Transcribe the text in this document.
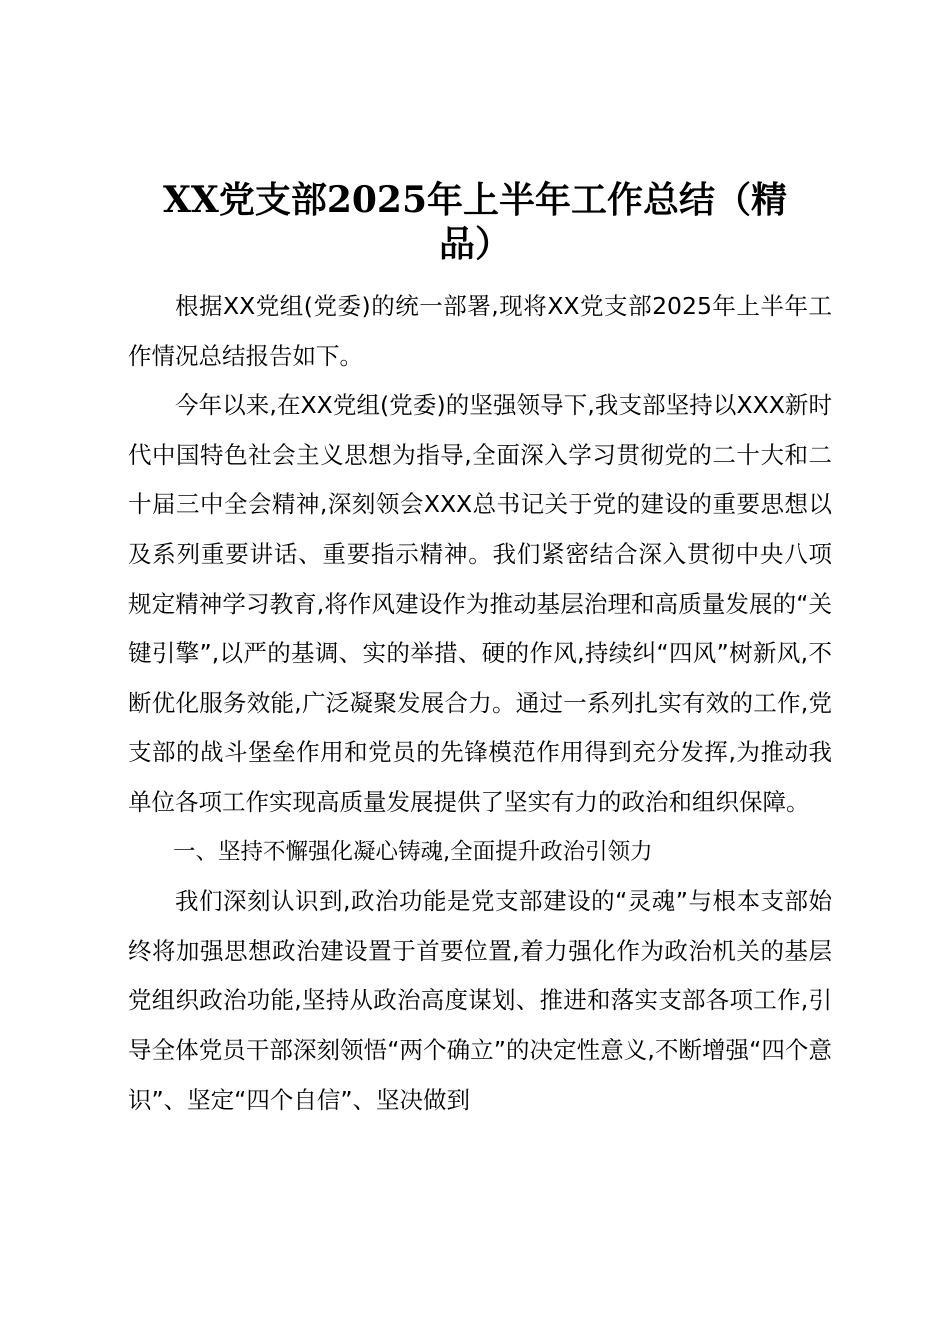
XX党支部2025年上半年工作总结（精
品）

根据XX党组(党委)的统一部署,现将XX党支部2025年上半年工作情况总结报告如下。

今年以来,在XX党组(党委)的坚强领导下,我支部坚持以XXX新时代中国特色社会主义思想为指导,全面深入学习贯彻党的二十大和二十届三中全会精神,深刻领会XXX总书记关于党的建设的重要思想以及系列重要讲话、重要指示精神。我们紧密结合深入贯彻中央八项规定精神学习教育,将作风建设作为推动基层治理和高质量发展的“关键引擎”,以严的基调、实的举措、硬的作风,持续纠“四风”树新风,不断优化服务效能,广泛凝聚发展合力。通过一系列扎实有效的工作,党支部的战斗堡垒作用和党员的先锋模范作用得到充分发挥,为推动我单位各项工作实现高质量发展提供了坚实有力的政治和组织保障。

一、坚持不懈强化凝心铸魂,全面提升政治引领力

我们深刻认识到,政治功能是党支部建设的“灵魂”与根本支部始终将加强思想政治建设置于首要位置,着力强化作为政治机关的基层党组织政治功能,坚持从政治高度谋划、推进和落实支部各项工作,引导全体党员干部深刻领悟“两个确立”的决定性意义,不断增强“四个意识”、坚定“四个自信”、坚决做到
